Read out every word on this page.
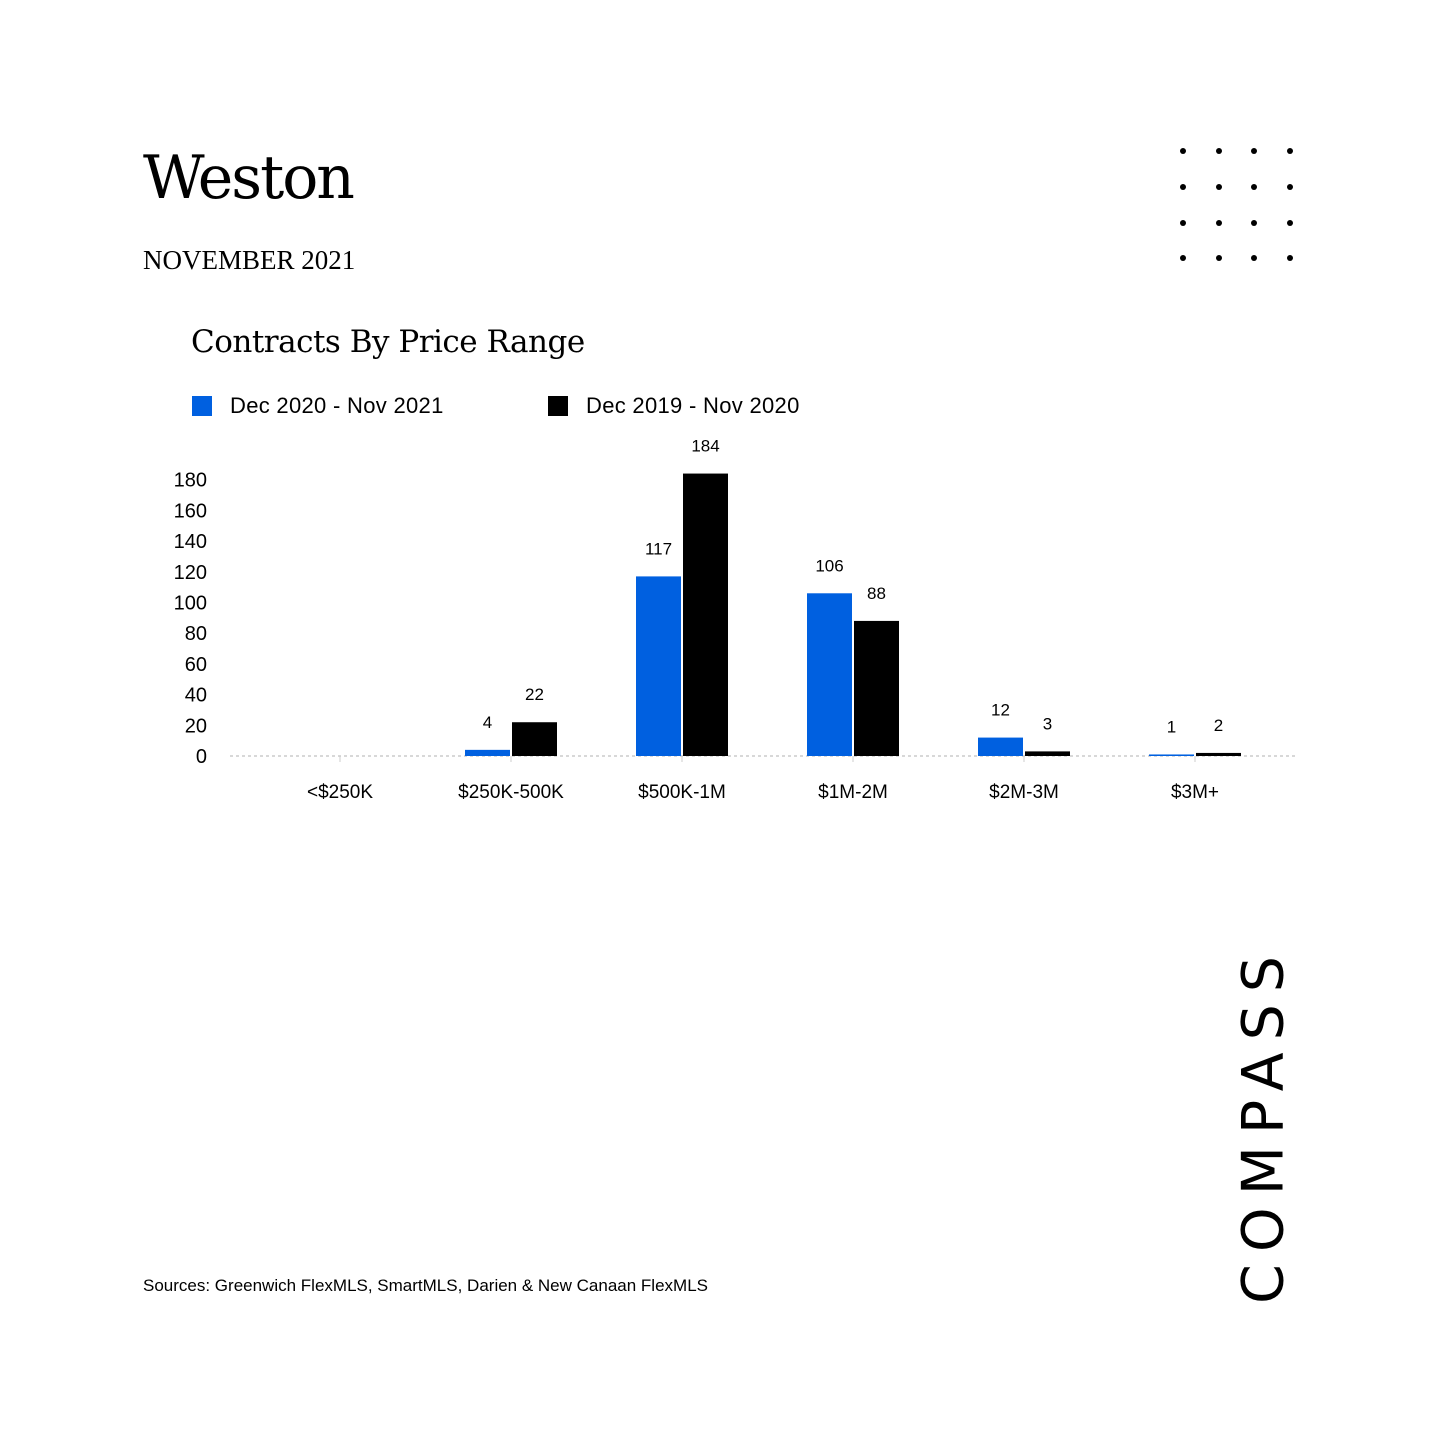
Weston
NOVEMBER 2021
Contracts By Price Range
Dec 2020 - Nov 2021	Dec 2019 - Nov 2020
0
20
40
60
80
100
120
140
160
180
<$250K	$250K-500K	$500K-1M	$1M-2M	$2M-3M	$3M+
4
22
117
184
106
88
12
3	1 2
Sources: Greenwich FlexMLS, SmartMLS, Darien & New Canaan FlexMLS	COMPASS
